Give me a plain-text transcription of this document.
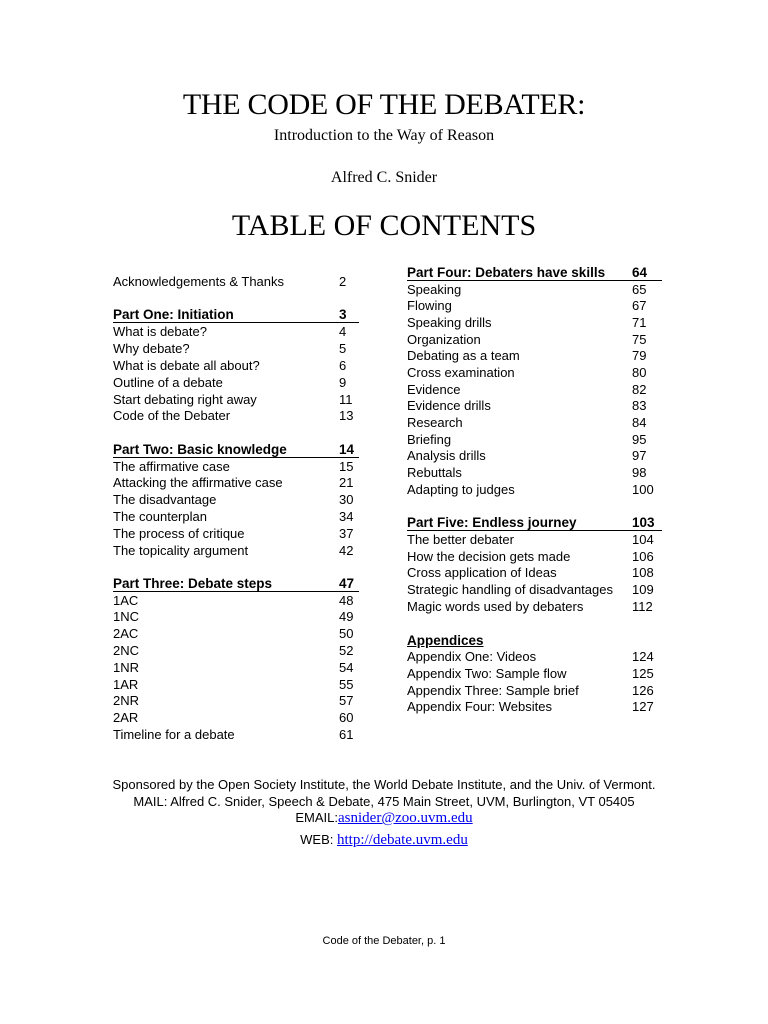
THE CODE OF THE DEBATER:
Introduction to the Way of Reason
Alfred C. Snider
TABLE OF CONTENTS
Acknowledgements & Thanks	2
Part One: Initiation	3
What is debate?	4
Why debate?	5
What is debate all about?	6
Outline of a debate	9
Start debating right away	11
Code of the Debater	13
Part Two: Basic knowledge	14
The affirmative case	15
Attacking the affirmative case	21
The disadvantage	30
The counterplan	34
The process of critique	37
The topicality argument	42
Part Three: Debate steps	47
1AC	48
1NC	49
2AC	50
2NC	52
1NR	54
1AR	55
2NR	57
2AR	60
Timeline for a debate	61
Part Four: Debaters have skills 64
Speaking	65
Flowing	67
Speaking drills	71
Organization	75
Debating as a team	79
Cross examination	80
Evidence	82
Evidence drills	83
Research	84
Briefing	95
Analysis drills	97
Rebuttals	98
Adapting to judges	100
Part Five: Endless journey	103
The better debater	104
How the decision gets made	106
Cross application of Ideas	108
Strategic handling of disadvantages 109
Magic words used by debaters	112
Appendices
Appendix One: Videos	124
Appendix Two: Sample flow	125
Appendix Three: Sample brief	126
Appendix Four: Websites	127
Sponsored by the Open Society Institute, the World Debate Institute, and the Univ. of Vermont.
MAIL: Alfred C. Snider, Speech & Debate, 475 Main Street, UVM, Burlington, VT 05405
EMAIL:asnider@zoo.uvm.edu
WEB: http://debate.uvm.edu
Code of the Debater, p. 1
